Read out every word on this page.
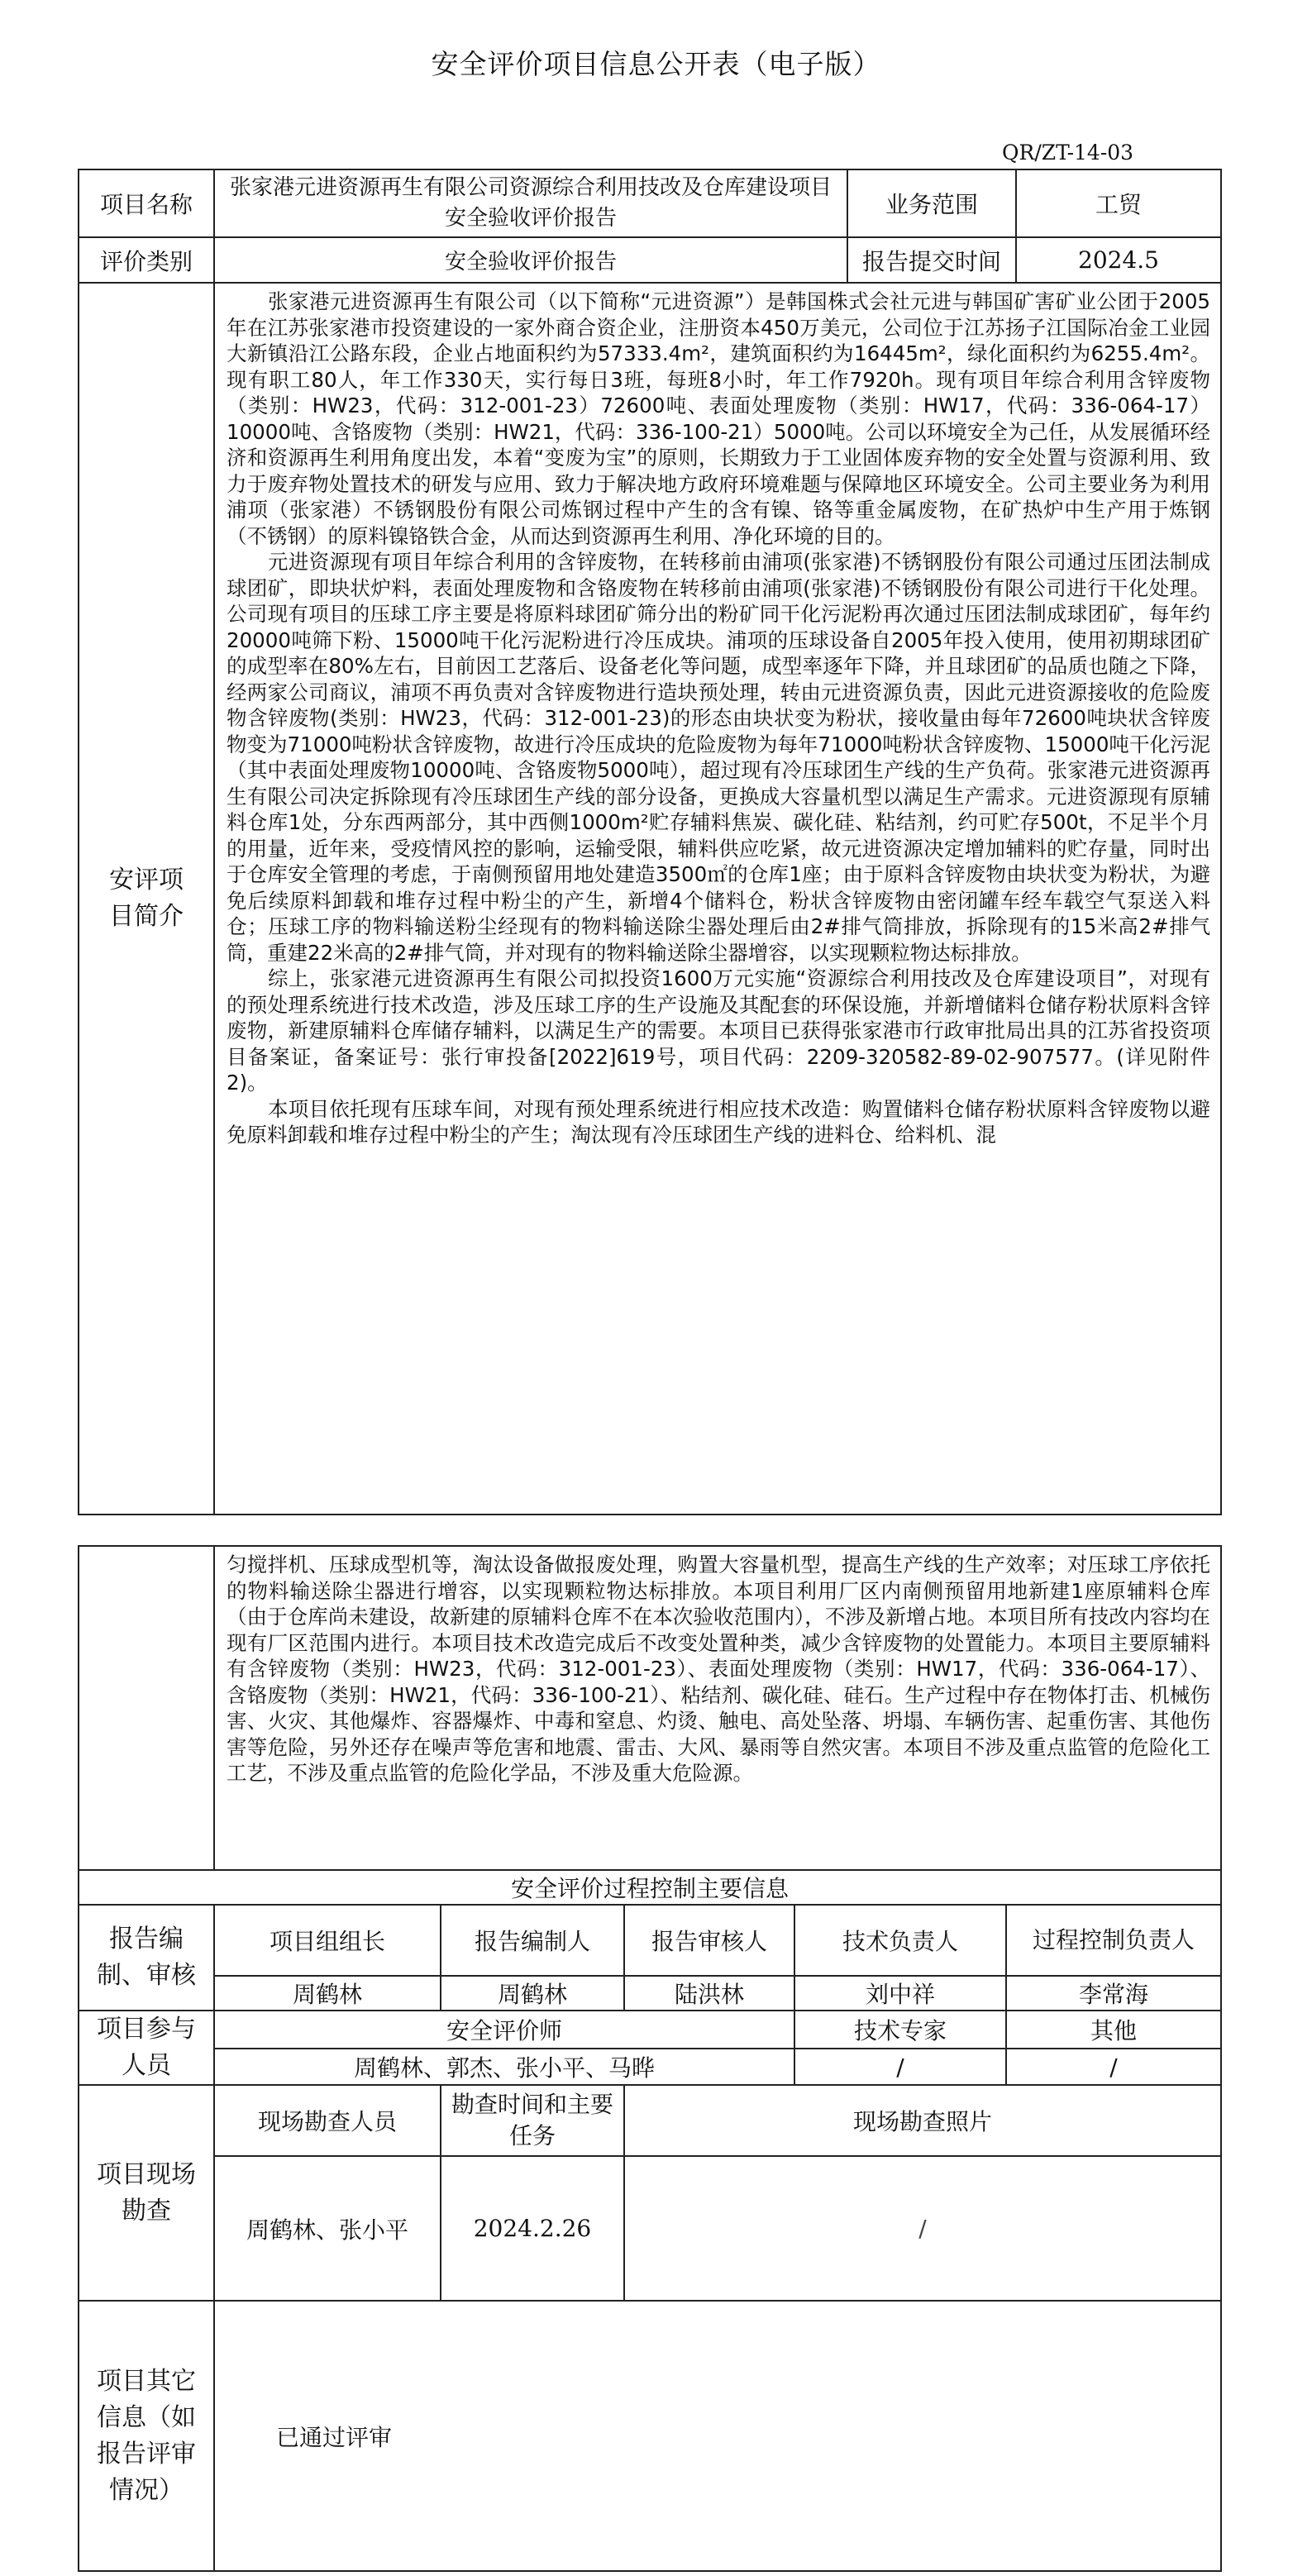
安全评价项目信息公开表（电子版）
QR/ZT-14-03
项目名称	张家港元进资源再生有限公司资源综合利用技改及仓库建设项目安全验收评价报告	业务范围	工贸
评价类别	安全验收评价报告	报告提交时间	2024.5

安评项目简介	张家港元进资源再生有限公司（以下简称“元进资源”）是韩国株式会社元进与韩国矿害矿业公团于2005年在江苏张家港市投资建设的一家外商合资企业，注册资本450万美元，公司位于江苏扬子江国际冶金工业园大新镇沿江公路东段，企业占地面积约为57333.4m²，建筑面积约为16445m²，绿化面积约为6255.4m²。现有职工80人，年工作330天，实行每日3班，每班8小时，年工作7920h。现有项目年综合利用含锌废物（类别：HW23，代码：312-001-23）72600吨、表面处理废物（类别：HW17，代码：336-064-17）10000吨、含铬废物（类别：HW21，代码：336-100-21）5000吨。公司以环境安全为己任，从发展循环经济和资源再生利用角度出发，本着“变废为宝”的原则，长期致力于工业固体废弃物的安全处置与资源利用、致力于废弃物处置技术的研发与应用、致力于解决地方政府环境难题与保障地区环境安全。公司主要业务为利用浦项（张家港）不锈钢股份有限公司炼钢过程中产生的含有镍、铬等重金属废物，在矿热炉中生产用于炼钢（不锈钢）的原料镍铬铁合金，从而达到资源再生利用、净化环境的目的。

元进资源现有项目年综合利用的含锌废物，在转移前由浦项(张家港)不锈钢股份有限公司通过压团法制成球团矿，即块状炉料，表面处理废物和含铬废物在转移前由浦项(张家港)不锈钢股份有限公司进行干化处理。公司现有项目的压球工序主要是将原料球团矿筛分出的粉矿同干化污泥粉再次通过压团法制成球团矿，每年约20000吨筛下粉、15000吨干化污泥粉进行冷压成块。浦项的压球设备自2005年投入使用，使用初期球团矿的成型率在80%左右，目前因工艺落后、设备老化等问题，成型率逐年下降，并且球团矿的品质也随之下降，经两家公司商议，浦项不再负责对含锌废物进行造块预处理，转由元进资源负责，因此元进资源接收的危险废物含锌废物(类别：HW23，代码：312-001-23)的形态由块状变为粉状，接收量由每年72600吨块状含锌废物变为71000吨粉状含锌废物，故进行冷压成块的危险废物为每年71000吨粉状含锌废物、15000吨干化污泥（其中表面处理废物10000吨、含铬废物5000吨），超过现有冷压球团生产线的生产负荷。张家港元进资源再生有限公司决定拆除现有冷压球团生产线的部分设备，更换成大容量机型以满足生产需求。元进资源现有原辅料仓库1处，分东西两部分，其中西侧1000m²贮存辅料焦炭、碳化硅、粘结剂，约可贮存500t，不足半个月的用量，近年来，受疫情风控的影响，运输受限，辅料供应吃紧，故元进资源决定增加辅料的贮存量，同时出于仓库安全管理的考虑，于南侧预留用地处建造3500㎡的仓库1座；由于原料含锌废物由块状变为粉状，为避免后续原料卸载和堆存过程中粉尘的产生，新增4个储料仓，粉状含锌废物由密闭罐车经车载空气泵送入料仓；压球工序的物料输送粉尘经现有的物料输送除尘器处理后由2#排气筒排放，拆除现有的15米高2#排气筒，重建22米高的2#排气筒，并对现有的物料输送除尘器增容，以实现颗粒物达标排放。

综上，张家港元进资源再生有限公司拟投资1600万元实施“资源综合利用技改及仓库建设项目”，对现有的预处理系统进行技术改造，涉及压球工序的生产设施及其配套的环保设施，并新增储料仓储存粉状原料含锌废物，新建原辅料仓库储存辅料，以满足生产的需要。本项目已获得张家港市行政审批局出具的江苏省投资项目备案证，备案证号：张行审投备[2022]619号，项目代码：2209-320582-89-02-907577。(详见附件2)。

本项目依托现有压球车间，对现有预处理系统进行相应技术改造：购置储料仓储存粉状原料含锌废物以避免原料卸载和堆存过程中粉尘的产生；淘汰现有冷压球团生产线的进料仓、给料机、混		

	匀搅拌机、压球成型机等，淘汰设备做报废处理，购置大容量机型，提高生产线的生产效率；对压球工序依托的物料输送除尘器进行增容，以实现颗粒物达标排放。本项目利用厂区内南侧预留用地新建1座原辅料仓库（由于仓库尚未建设，故新建的原辅料仓库不在本次验收范围内），不涉及新增占地。本项目所有技改内容均在现有厂区范围内进行。本项目技术改造完成后不改变处置种类，减少含锌废物的处置能力。本项目主要原辅料有含锌废物（类别：HW23，代码：312-001-23）、表面处理废物（类别：HW17，代码：336-064-17）、含铬废物（类别：HW21，代码：336-100-21）、粘结剂、碳化硅、硅石。生产过程中存在物体打击、机械伤害、火灾、其他爆炸、容器爆炸、中毒和窒息、灼烫、触电、高处坠落、坍塌、车辆伤害、起重伤害、其他伤害等危险，另外还存在噪声等危害和地震、雷击、大风、暴雨等自然灾害。本项目不涉及重点监管的危险化工工艺，不涉及重点监管的危险化学品，不涉及重大危险源。				

安全评价过程控制主要信息					

报告编制、审核	项目组组长	报告编制人	报告审核人	技术负责人	过程控制负责人
	周鹤林	周鹤林	陆洪林	刘中祥	李常海

项目参与人员	安全评价师			技术专家	其他
	周鹤林、郭杰、张小平、马晔			/	/

项目现场勘查	现场勘查人员	勘查时间和主要任务	现场勘查照片		
	周鹤林、张小平	2024.2.26	/		

项目其它信息（如报告评审情况）	已通过评审				
